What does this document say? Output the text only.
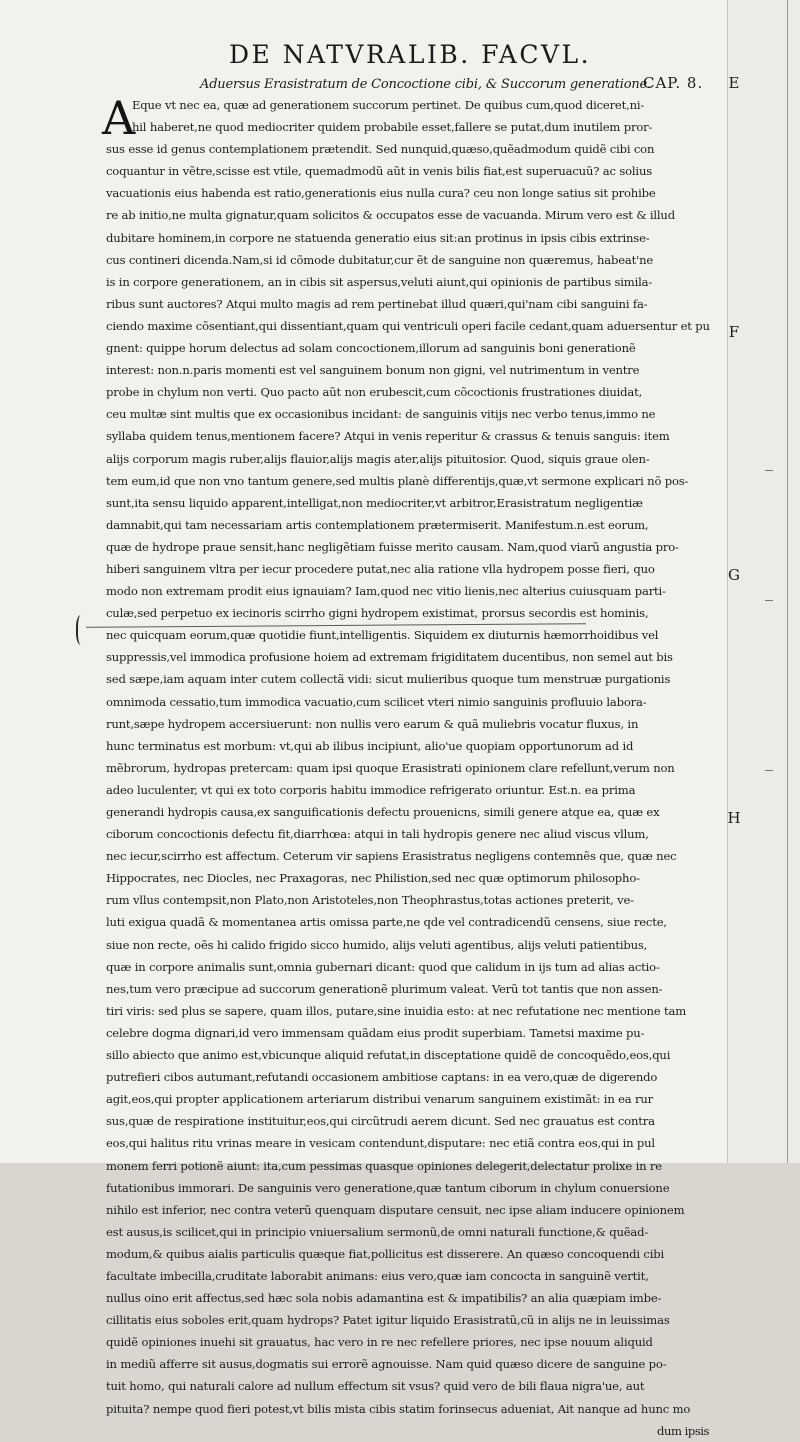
DE NATVRALIB. FACVL.
Aduersus Erasistratum de Concoctione cibi, & Succorum generatione.
CAP. 8. E
F
G
H
A
Eque vt nec ea, quæ ad generationem succorum pertinet. De quibus cum,quod diceret,ni-
hil haberet,ne quod mediocriter quidem probabile esset,fallere se putat,dum inutilem pror-
sus esse id genus contemplationem prætendit. Sed nunquid,quæso,quẽadmodum quidẽ cibi con
coquantur in vẽtre,scisse est vtile, quemadmodũ aũt in venis bilis fiat,est superuacuũ? ac solius
vacuationis eius habenda est ratio,generationis eius nulla cura? ceu non longe satius sit prohibe
re ab initio,ne multa gignatur,quam solicitos & occupatos esse de vacuanda. Mirum vero est & illud
dubitare hominem,in corpore ne statuenda generatio eius sit:an protinus in ipsis cibis extrinse-
cus contineri dicenda.Nam,si id cõmode dubitatur,cur ẽt de sanguine non quæremus, habeat'ne
is in corpore generationem, an in cibis sit aspersus,veluti aiunt,qui opinionis de partibus simila-
ribus sunt auctores? Atqui multo magis ad rem pertinebat illud quæri,qui'nam cibi sanguini fa-
ciendo maxime cõsentiant,qui dissentiant,quam qui ventriculi operi facile cedant,quam aduersentur et pu
gnent: quippe horum delectus ad solam concoctionem,illorum ad sanguinis boni generationẽ
interest: non.n.paris momenti est vel sanguinem bonum non gigni, vel nutrimentum in ventre
probe in chylum non verti. Quo pacto aũt non erubescit,cum cõcoctionis frustrationes diuidat,
ceu multæ sint multis que ex occasionibus incidant: de sanguinis vitijs nec verbo tenus,immo ne
syllaba quidem tenus,mentionem facere? Atqui in venis reperitur & crassus & tenuis sanguis: item
alijs corporum magis ruber,alijs flauior,alijs magis ater,alijs pituitosior. Quod, siquis graue olen-
tem eum,id que non vno tantum genere,sed multis planè differentijs,quæ,vt sermone explicari nõ pos-
sunt,ita sensu liquido apparent,intelligat,non mediocriter,vt arbitror,Erasistratum negligentiæ
damnabit,qui tam necessariam artis contemplationem prætermiserit. Manifestum.n.est eorum,
quæ de hydrope praue sensit,hanc negligẽtiam fuisse merito causam. Nam,quod viarũ angustia pro-
hiberi sanguinem vltra per iecur procedere putat,nec alia ratione vlla hydropem posse fieri, quo
modo non extremam prodit eius ignauiam? Iam,quod nec vitio lienis,nec alterius cuiusquam parti-
culæ,sed perpetuo ex iecinoris scirrho gigni hydropem existimat, prorsus secordis est hominis,
nec quicquam eorum,quæ quotidie fiunt,intelligentis. Siquidem ex diuturnis hæmorrhoidibus vel
suppressis,vel immodica profusione hoiem ad extremam frigiditatem ducentibus, non semel aut bis
sed sæpe,iam aquam inter cutem collectã vidi: sicut mulieribus quoque tum menstruæ purgationis
omnimoda cessatio,tum immodica vacuatio,cum scilicet vteri nimio sanguinis profluuio labora-
runt,sæpe hydropem accersiuerunt: non nullis vero earum & quã muliebris vocatur fluxus, in
hunc terminatus est morbum: vt,qui ab ilibus incipiunt, alio'ue quopiam opportunorum ad id
mẽbrorum, hydropas pretercam: quam ipsi quoque Erasistrati opinionem clare refellunt,verum non
adeo luculenter, vt qui ex toto corporis habitu immodice refrigerato oriuntur. Est.n. ea prima
generandi hydropis causa,ex sanguificationis defectu prouenicns, simili genere atque ea, quæ ex
ciborum concoctionis defectu fit,diarrhœa: atqui in tali hydropis genere nec aliud viscus vllum,
nec iecur,scirrho est affectum. Ceterum vir sapiens Erasistratus negligens contemnẽs que, quæ nec
Hippocrates, nec Diocles, nec Praxagoras, nec Philistion,sed nec quæ optimorum philosopho-
rum vllus contempsit,non Plato,non Aristoteles,non Theophrastus,totas actiones preterit, ve-
luti exigua quadã & momentanea artis omissa parte,ne qde vel contradicendũ censens, siue recte,
siue non recte, oẽs hi calido frigido sicco humido, alijs veluti agentibus, alijs veluti patientibus,
quæ in corpore animalis sunt,omnia gubernari dicant: quod que calidum in ijs tum ad alias actio-
nes,tum vero præcipue ad succorum generationẽ plurimum valeat. Verũ tot tantis que non assen-
tiri viris: sed plus se sapere, quam illos, putare,sine inuidia esto: at nec refutatione nec mentione tam
celebre dogma dignari,id vero immensam quãdam eius prodit superbiam. Tametsi maxime pu-
sillo abiecto que animo est,vbicunque aliquid refutat,in disceptatione quidẽ de concoquẽdo,eos,qui
putrefieri cibos autumant,refutandi occasionem ambitiose captans: in ea vero,quæ de digerendo
agit,eos,qui propter applicationem arteriarum distribui venarum sanguinem existimãt: in ea rur
sus,quæ de respiratione instituitur,eos,qui circũtrudi aerem dicunt. Sed nec grauatus est contra
eos,qui halitus ritu vrinas meare in vesicam contendunt,disputare: nec etiã contra eos,qui in pul
monem ferri potionẽ aiunt: ita,cum pessimas quasque opiniones delegerit,delectatur prolixe in re
futationibus immorari. De sanguinis vero generatione,quæ tantum ciborum in chylum conuersione
nihilo est inferior, nec contra veterũ quenquam disputare censuit, nec ipse aliam inducere opinionem
est ausus,is scilicet,qui in principio vniuersalium sermonũ,de omni naturali functione,& quẽad-
modum,& quibus aialis particulis quæque fiat,pollicitus est disserere. An quæso concoquendi cibi
facultate imbecilla,cruditate laborabit animans: eius vero,quæ iam concocta in sanguinẽ vertit,
nullus oino erit affectus,sed hæc sola nobis adamantina est & impatibilis? an alia quæpiam imbe-
cillitatis eius soboles erit,quam hydrops? Patet igitur liquido Erasistratũ,cũ in alijs ne in leuissimas
quidẽ opiniones inuehi sit grauatus, hac vero in re nec refellere priores, nec ipse nouum aliquid
in mediũ afferre sit ausus,dogmatis sui errorẽ agnouisse. Nam quid quæso dicere de sanguine po-
tuit homo, qui naturali calore ad nullum effectum sit vsus? quid vero de bili flaua nigra'ue, aut
pituita? nempe quod fieri potest,vt bilis mista cibis statim forinsecus adueniat, Ait nanque ad hunc mo
dum ipsis
